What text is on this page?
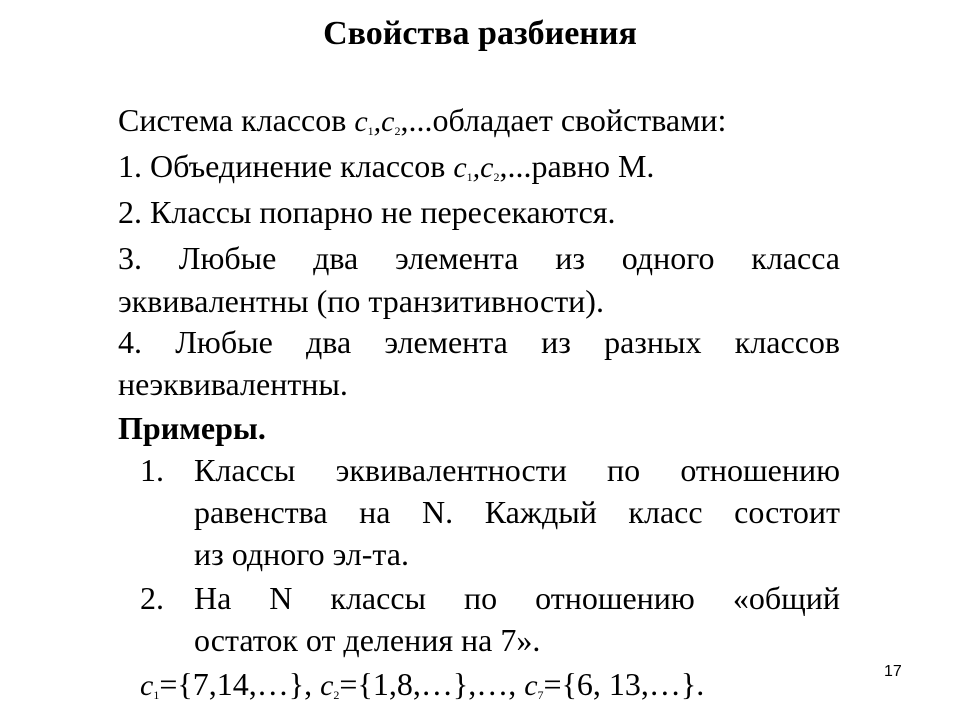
Свойства разбиения
Система классов $c_1,c_2,...обладает$ свойствами:
1. Объединение классов $c_1,c_2,...равно$ М.
2. Классы попарно не пересекаются.
3. Любые два элемента из одного класса
эквивалентны (по транзитивности).
4. Любые два элемента из разных классов
неэквивалентны.
Примеры.
1. Классы эквивалентности по отношению
равенства на N. Каждый класс состоит
из одного эл-та.
2. На N классы по отношению «общий
остаток от деления на 7».
$c_1=\{7,14,\dots\}$, $c_2=\{1,8,\dots\},\dots$, $c_7=\{6$, 13,…}.	17
